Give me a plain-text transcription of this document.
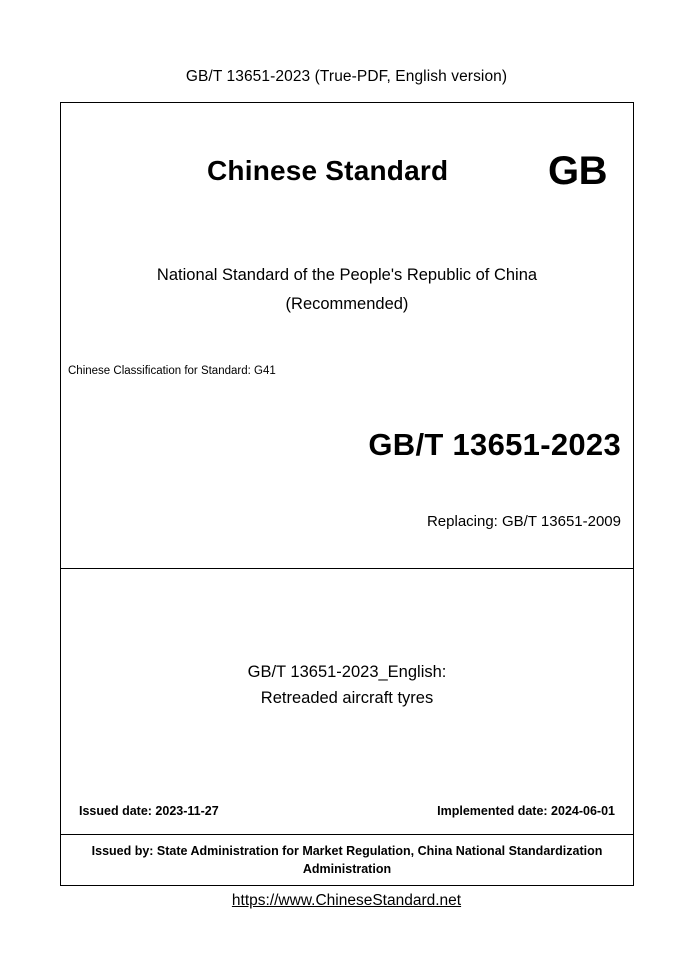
GB/T 13651-2023 (True-PDF, English version)
Chinese Standard GB
National Standard of the People's Republic of China
(Recommended)
Chinese Classification for Standard: G41
GB/T 13651-2023
Replacing: GB/T 13651-2009
GB/T 13651-2023_English:
Retreaded aircraft tyres
Issued date: 2023-11-27	Implemented date: 2024-06-01
Issued by: State Administration for Market Regulation, China National Standardization Administration
https://www.ChineseStandard.net
